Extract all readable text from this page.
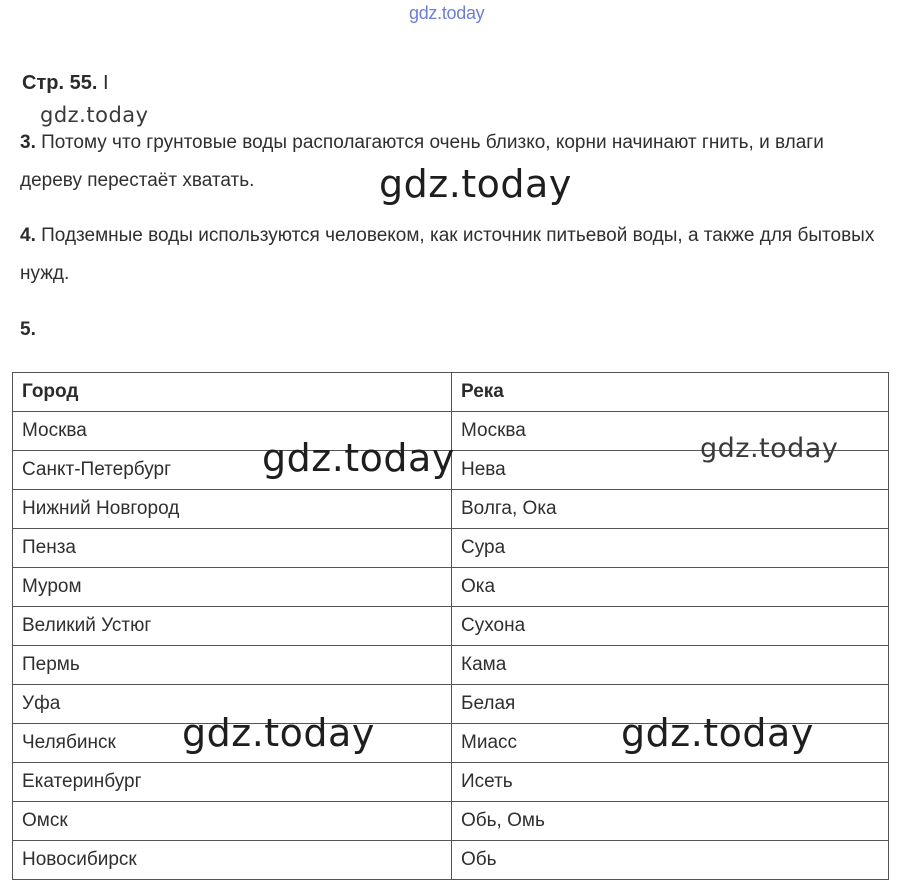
gdz.today
Стр. 55. I
gdz.today
3. Потому что грунтовые воды располагаются очень близко, корни начинают гнить, и влаги дереву перестаёт хватать.	gdz.today
4. Подземные воды используются человеком, как источник питьевой воды, а также для бытовых нужд.
5.
Город	Река
Москва	Москва
Санкт-Петербург	Нева
Нижний Новгород	Волга, Ока
Пенза	Сура
Муром	Ока
Великий Устюг	Сухона
Пермь	Кама
Уфа	Белая
Челябинск	Миасс
Екатеринбург	Исеть
Омск	Обь, Омь
Новосибирск	Обь
gdz.today	gdz.today
gdz.today	gdz.today
